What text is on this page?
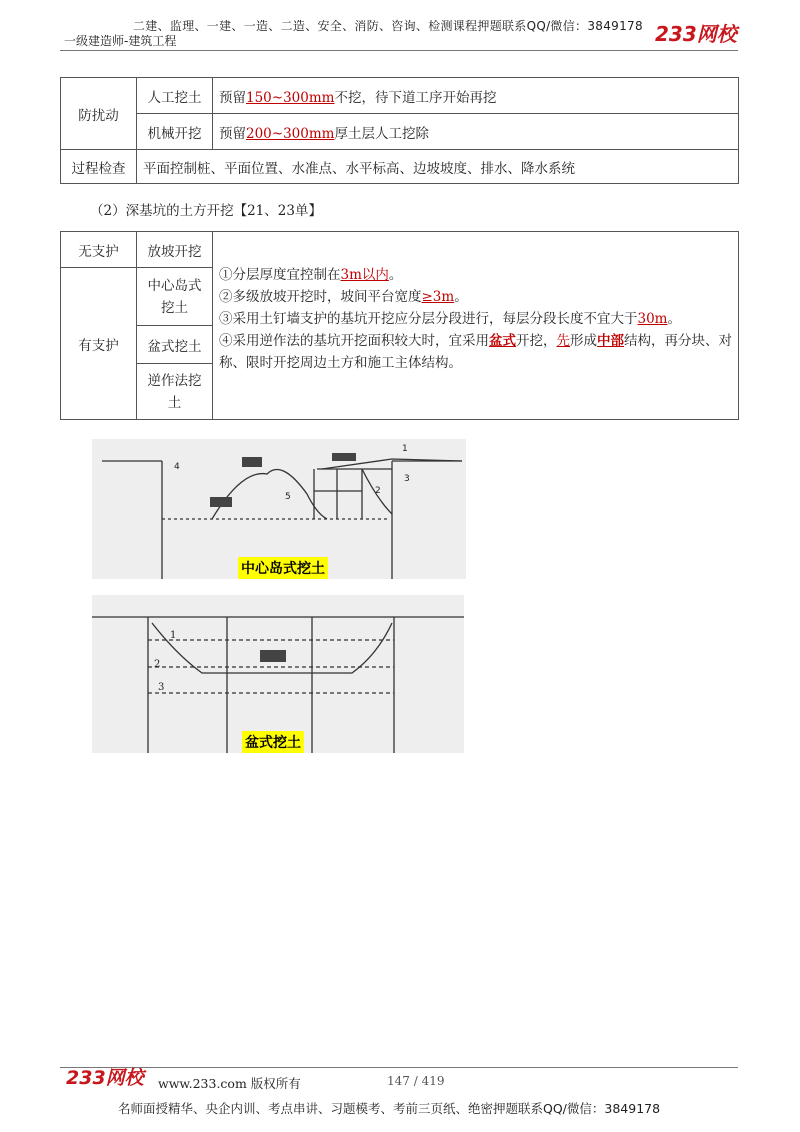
二建、监理、一建、一造、二造、安全、消防、咨询、检测课程押题联系QQ/微信：3849178
一级建造师-建筑工程	233网校
防扰动	人工挖土	预留150~300mm不挖，待下道工序开始再挖
	机械开挖	预留200~300mm厚土层人工挖除
过程检查	平面控制桩、平面位置、水准点、水平标高、边坡坡度、排水、降水系统	
（2）深基坑的土方开挖【21、23单】
无支护	放坡开挖	①分层厚度宜控制在3m以内。
②多级放坡开挖时，坡间平台宽度≥3m。
③采用土钉墙支护的基坑开挖应分层分段进行，每层分段长度不宜大于30m。
④采用逆作法的基坑开挖面积较大时，宜采用盆式开挖，先形成中部结构，再分块、对称、限时开挖周边土方和施工主体结构。

有支护	中心岛式挖土	
	盆式挖土	
	逆作法挖土	
1
2
3
4
5
中心岛式挖土
1
2
3
盆式挖土
233网校 www.233.com 版权所有	147 / 419
名师面授精华、央企内训、考点串讲、习题模考、考前三页纸、绝密押题联系QQ/微信：3849178
